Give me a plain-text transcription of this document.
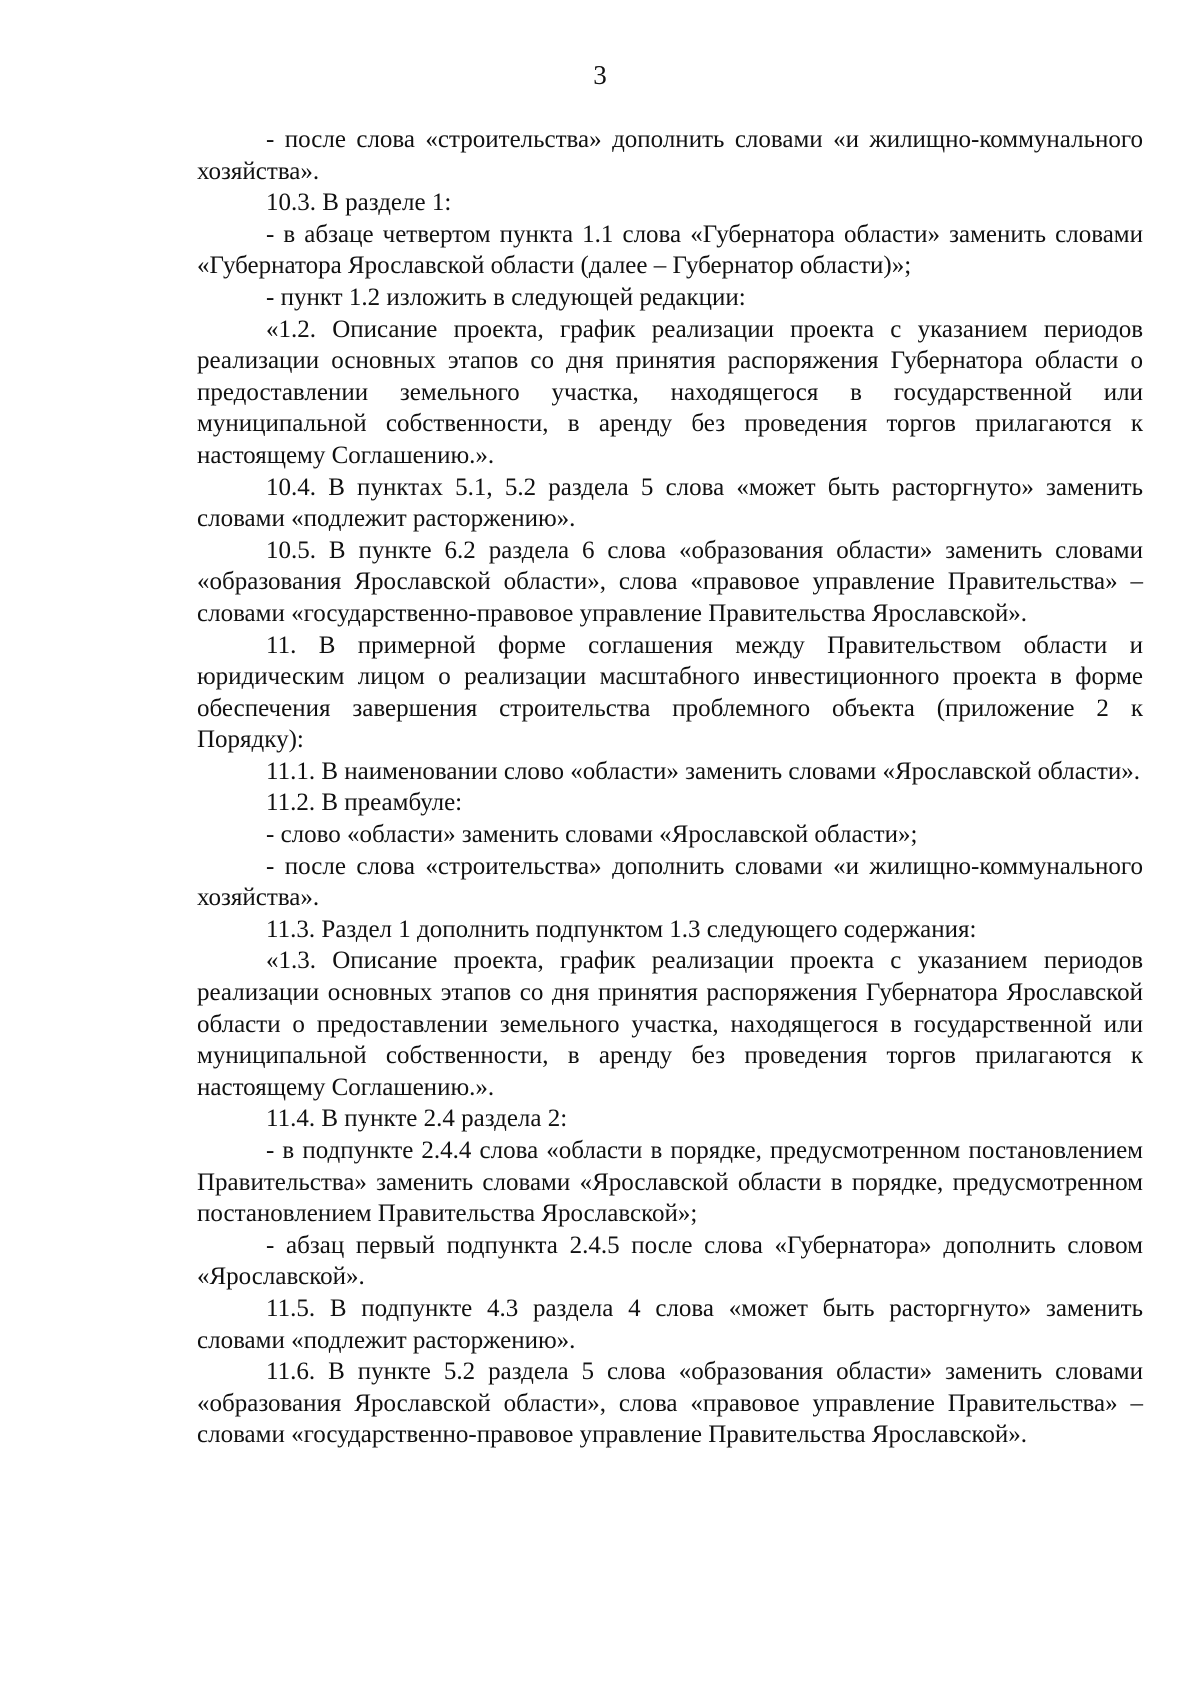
3

- после слова «строительства» дополнить словами «и жилищно-коммунального хозяйства».

10.3. В разделе 1:

- в абзаце четвертом пункта 1.1 слова «Губернатора области» заменить словами «Губернатора Ярославской области (далее – Губернатор области)»;

- пункт 1.2 изложить в следующей редакции:

«1.2. Описание проекта, график реализации проекта с указанием периодов реализации основных этапов со дня принятия распоряжения Губернатора области о предоставлении земельного участка, находящегося в государственной или муниципальной собственности, в аренду без проведения торгов прилагаются к настоящему Соглашению.».

10.4. В пунктах 5.1, 5.2 раздела 5 слова «может быть расторгнуто» заменить словами «подлежит расторжению».

10.5. В пункте 6.2 раздела 6 слова «образования области» заменить словами «образования Ярославской области», слова «правовое управление Правительства» – словами «государственно-правовое управление Правительства Ярославской».

11. В примерной форме соглашения между Правительством области и юридическим лицом о реализации масштабного инвестиционного проекта в форме обеспечения завершения строительства проблемного объекта (приложение 2 к Порядку):

11.1. В наименовании слово «области» заменить словами «Ярославской области».

11.2. В преамбуле:

- слово «области» заменить словами «Ярославской области»;

- после слова «строительства» дополнить словами «и жилищно-коммунального хозяйства».

11.3. Раздел 1 дополнить подпунктом 1.3 следующего содержания:

«1.3. Описание проекта, график реализации проекта с указанием периодов реализации основных этапов со дня принятия распоряжения Губернатора Ярославской области о предоставлении земельного участка, находящегося в государственной или муниципальной собственности, в аренду без проведения торгов прилагаются к настоящему Соглашению.».

11.4. В пункте 2.4 раздела 2:

- в подпункте 2.4.4 слова «области в порядке, предусмотренном постановлением Правительства» заменить словами «Ярославской области в порядке, предусмотренном постановлением Правительства Ярославской»;

- абзац первый подпункта 2.4.5 после слова «Губернатора» дополнить словом «Ярославской».

11.5. В подпункте 4.3 раздела 4 слова «может быть расторгнуто» заменить словами «подлежит расторжению».

11.6. В пункте 5.2 раздела 5 слова «образования области» заменить словами «образования Ярославской области», слова «правовое управление Правительства» – словами «государственно-правовое управление Правительства Ярославской».
